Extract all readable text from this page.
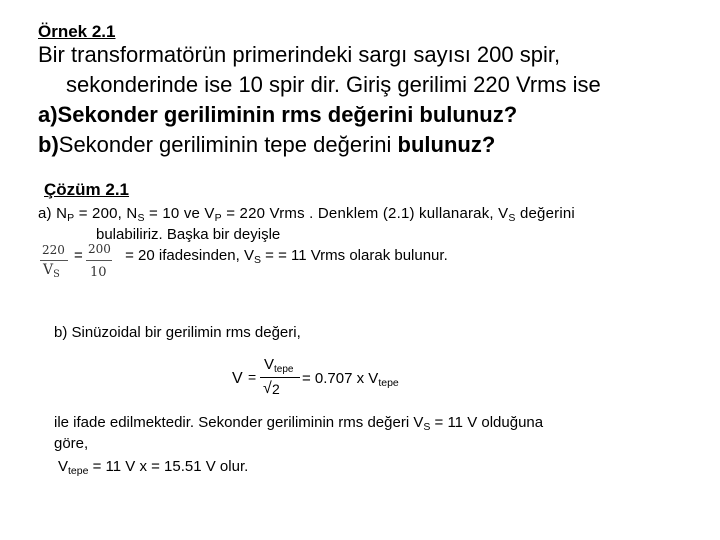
Örnek 2.1
Bir transformatörün primerindeki sargı sayısı 200 spir,
sekonderinde ise 10 spir dir. Giriş gerilimi 220 Vrms ise
a)Sekonder geriliminin rms değerini bulunuz?
b)Sekonder geriliminin tepe değerini bulunuz?
Çözüm 2.1
a) $N_P = 200$, $N_S = 10$ ve $V_P = 220$ Vrms . Denklem (2.1) kullanarak, $V_S$ değerini
bulabiliriz. Başka bir deyişle
220
$V_S$
200
10
=  = 20 ifadesinden, $V_S$ = = 11 Vrms olarak bulunur.
b) Sinüzoidal bir gerilimin rms değeri,
V =
$V_{tepe}$
√ 2
= 0.707 x $V_{tepe}$
ile ifade edilmektedir. Sekonder geriliminin rms değeri $V_S = 11$ V olduğuna
göre,
$V_{tepe} = 11$ V x = 15.51 V olur.
